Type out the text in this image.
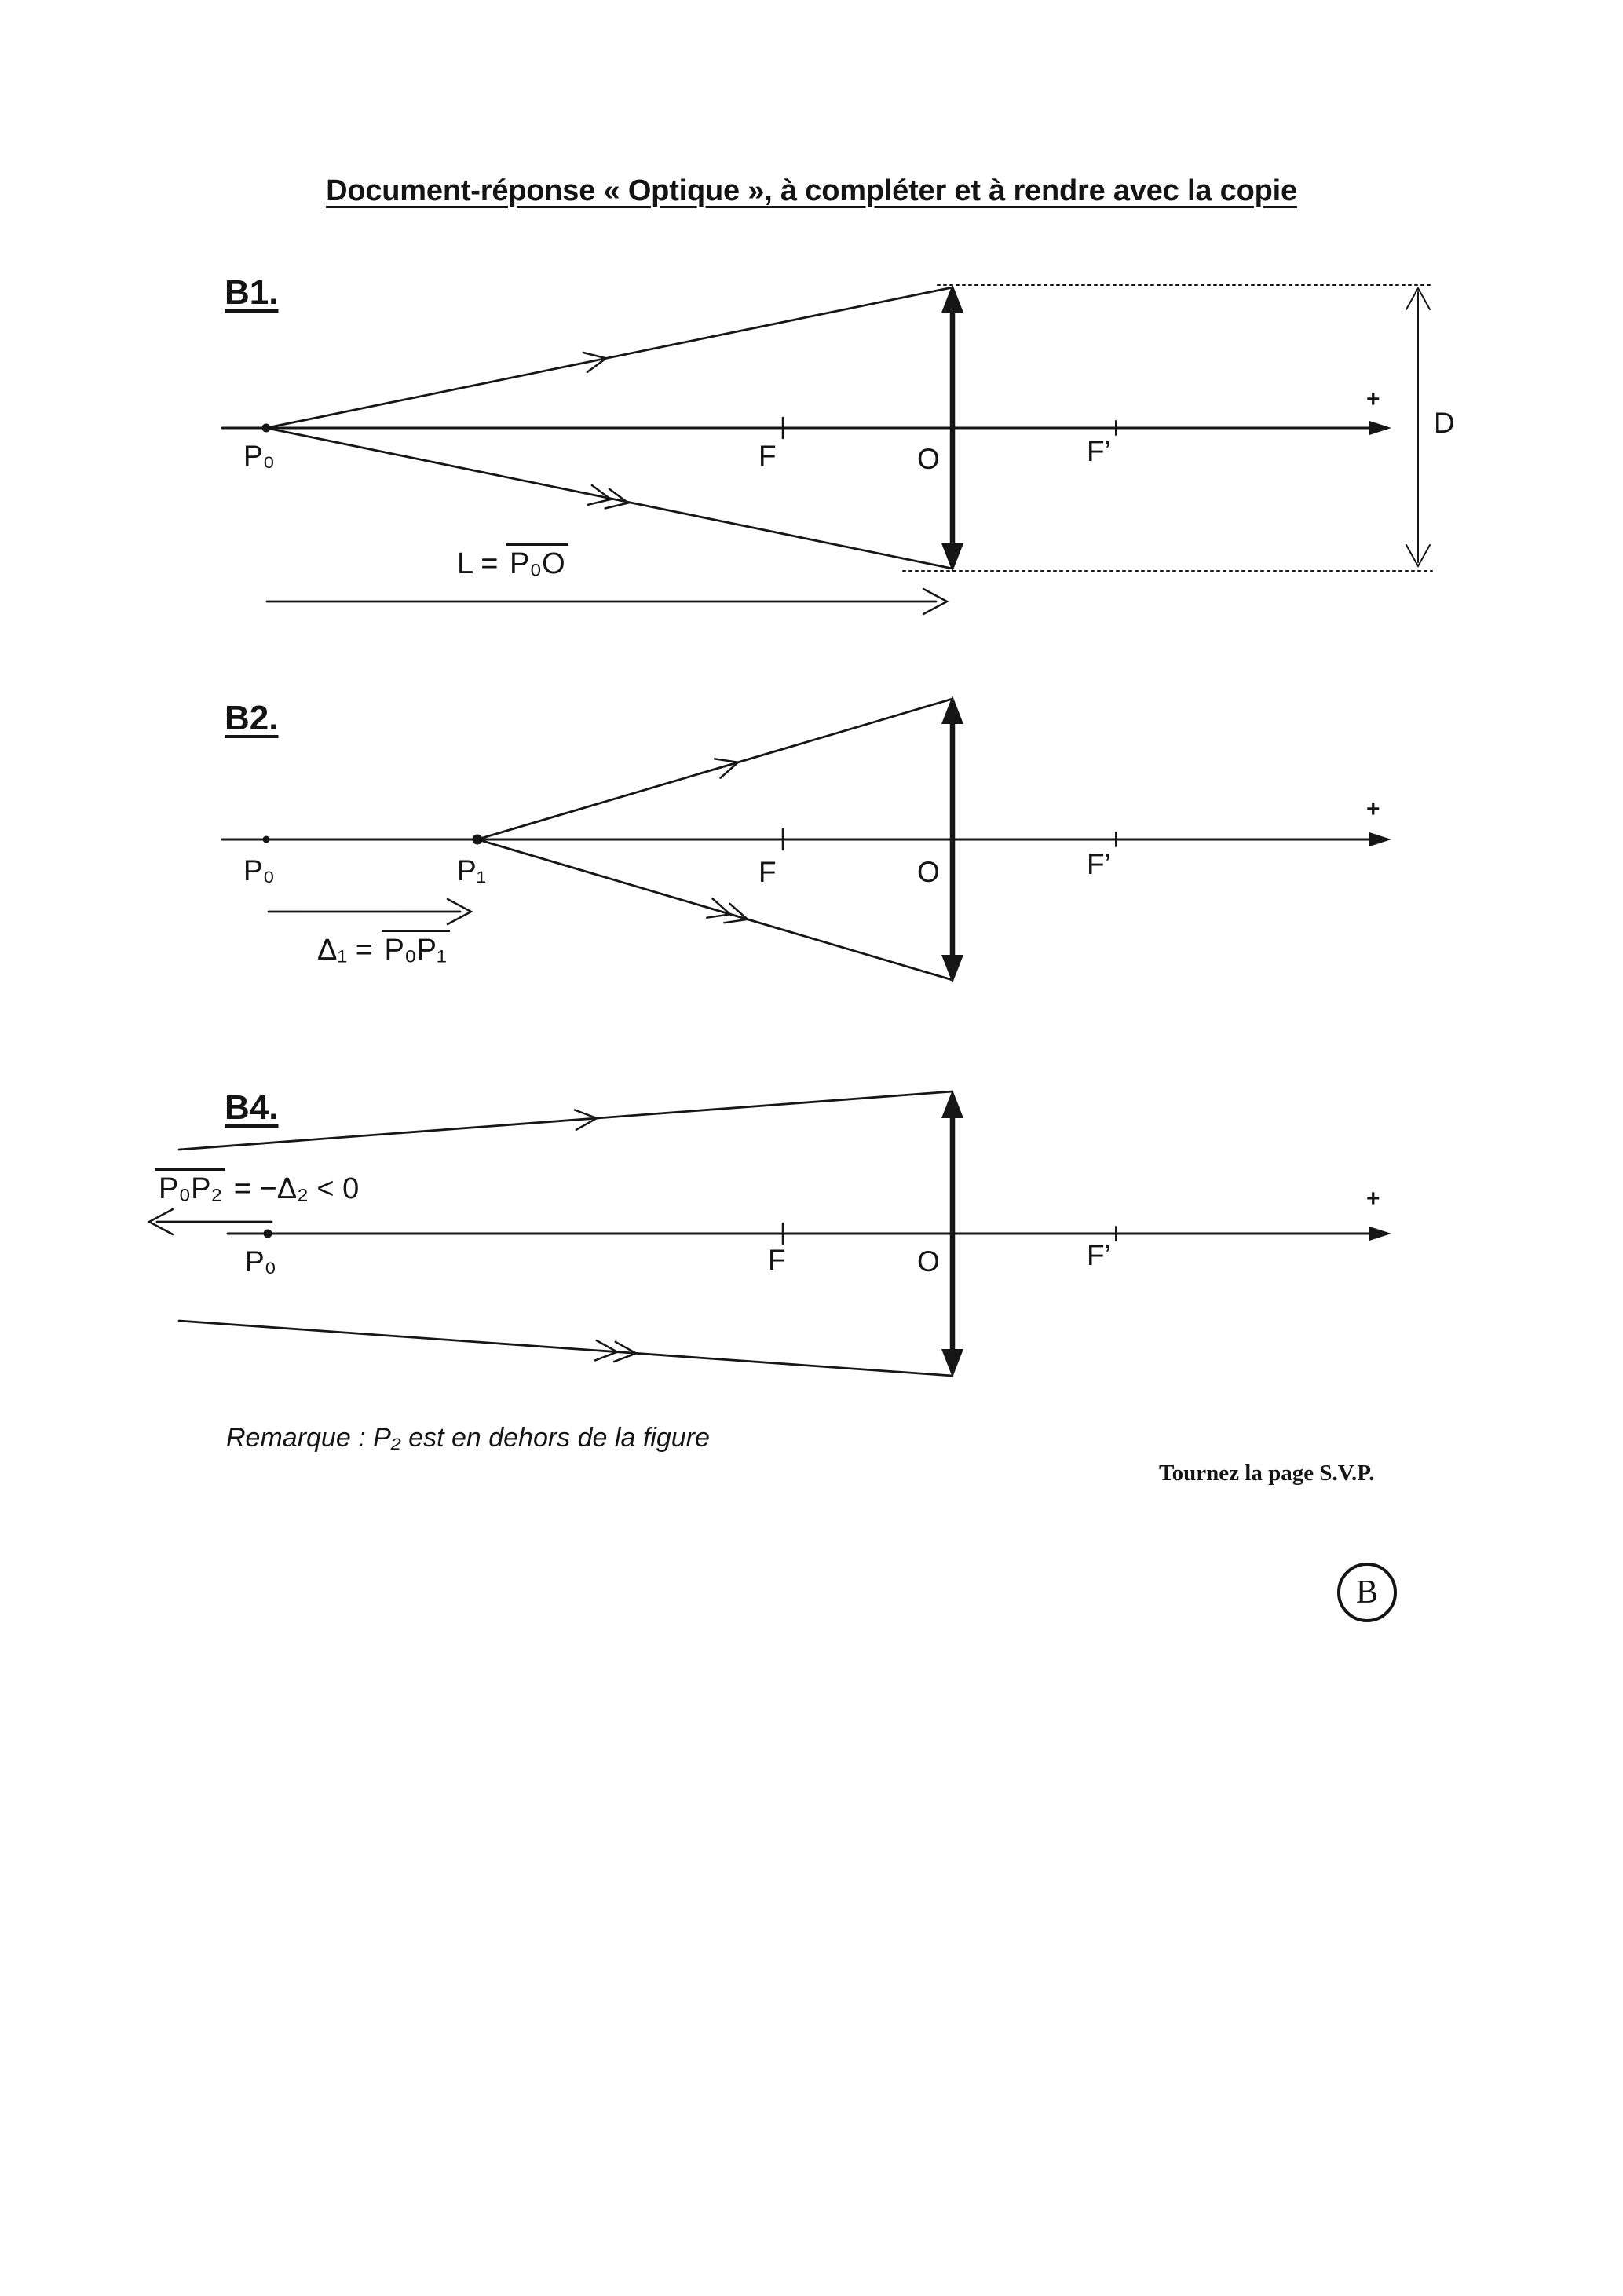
Document-réponse « Optique », à compléter et à rendre avec la copie
B1.
P₀	F	O	F’
+
D
L = P₀O
B2.
P₀	P₁	F	O	F’
+
Δ₁ = P₀P₁
B4.
P₀P₂ = −Δ₂ < 0
P₀	F	O	F’
+
Remarque : P₂ est en dehors de la figure
Tournez la page S.V.P.
B
